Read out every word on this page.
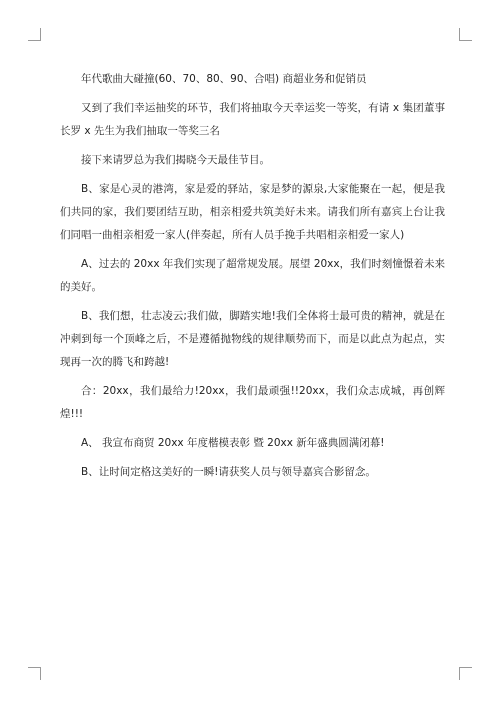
年代歌曲大碰撞(60、70、80、90、合唱) 商超业务和促销员

又到了我们幸运抽奖的环节，我们将抽取今天幸运奖一等奖，有请 x 集团董事长罗 x 先生为我们抽取一等奖三名

接下来请罗总为我们揭晓今天最佳节目。

B、家是心灵的港湾，家是爱的驿站，家是梦的源泉,大家能聚在一起，便是我们共同的家，我们要团结互助，相亲相爱共筑美好未来。请我们所有嘉宾上台让我们同唱一曲相亲相爱一家人(伴奏起，所有人员手挽手共唱相亲相爱一家人)

A、过去的 20xx 年我们实现了超常规发展。展望 20xx，我们时刻憧憬着未来的美好。

B、我们想，壮志凌云;我们做，脚踏实地!我们全体将士最可贵的精神，就是在冲刺到每一个顶峰之后，不是遵循抛物线的规律顺势而下，而是以此点为起点，实现再一次的腾飞和跨越!

合：20xx，我们最给力!20xx，我们最顽强!!20xx，我们众志成城，再创辉煌!!!

A、 我宣布商贸 20xx 年度楷模表彰 暨 20xx 新年盛典圆满闭幕!

B、让时间定格这美好的一瞬!请获奖人员与领导嘉宾合影留念。
